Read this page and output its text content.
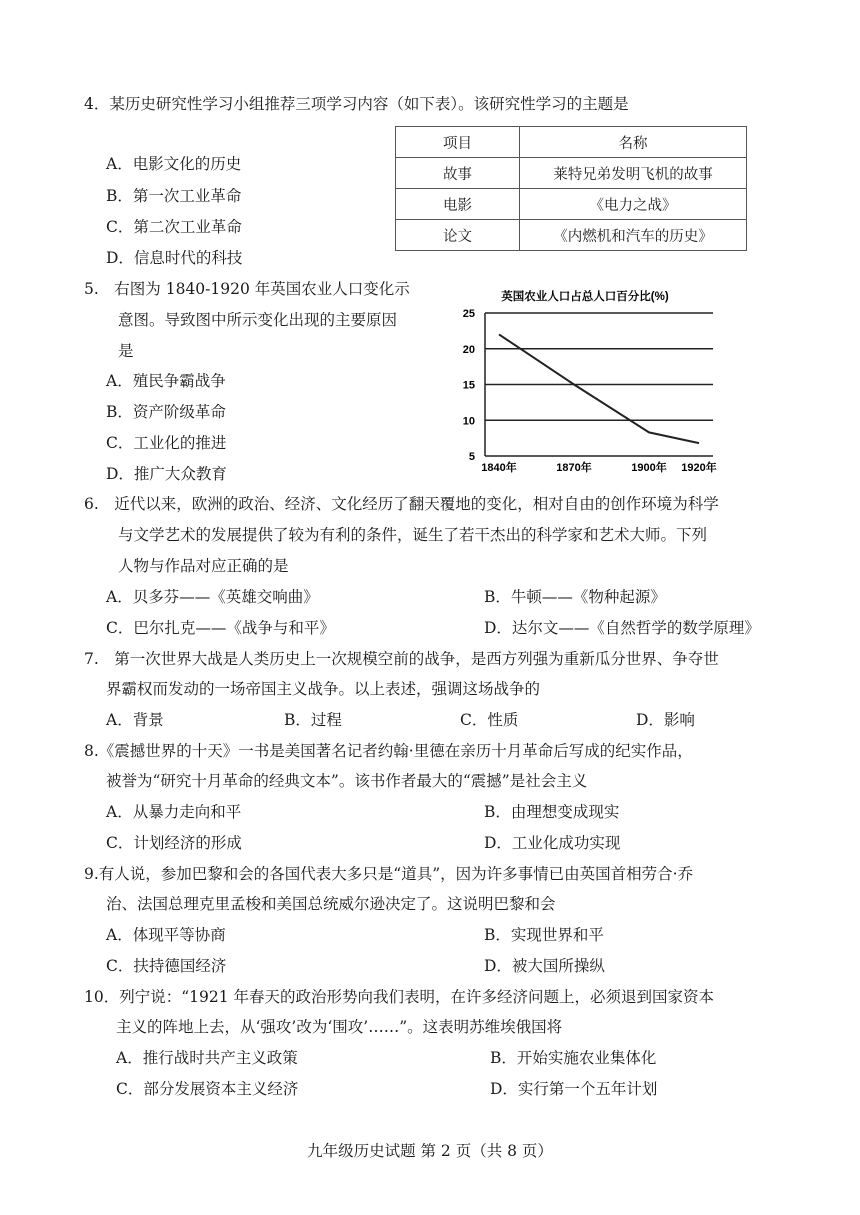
4．某历史研究性学习小组推荐三项学习内容（如下表）。该研究性学习的主题是
A．电影文化的历史
B．第一次工业革命
C．第二次工业革命
D．信息时代的科技
项目	名称
故事	莱特兄弟发明飞机的故事
电影	《电力之战》
论文	《内燃机和汽车的历史》
5.　右图为 1840-1920 年英国农业人口变化示
意图。导致图中所示变化出现的主要原因
是
A．殖民争霸战争
B．资产阶级革命
C．工业化的推进
D．推广大众教育
英国农业人口占总人口百分比(%)
25
20
15
10
5
1840年	1870年	1900年 1920年
6.　近代以来，欧洲的政治、经济、文化经历了翻天覆地的变化，相对自由的创作环境为科学
与文学艺术的发展提供了较为有利的条件，诞生了若干杰出的科学家和艺术大师。下列
人物与作品对应正确的是
A．贝多芬——《英雄交响曲》	B．牛顿——《物种起源》
C．巴尔扎克——《战争与和平》	D．达尔文——《自然哲学的数学原理》
7.　第一次世界大战是人类历史上一次规模空前的战争，是西方列强为重新瓜分世界、争夺世
界霸权而发动的一场帝国主义战争。以上表述，强调这场战争的
A．背景	B．过程	C．性质	D．影响
8.《震撼世界的十天》一书是美国著名记者约翰·里德在亲历十月革命后写成的纪实作品，
被誉为“研究十月革命的经典文本”。该书作者最大的“震撼”是社会主义
A．从暴力走向和平	B．由理想变成现实
C．计划经济的形成	D．工业化成功实现
9.有人说，参加巴黎和会的各国代表大多只是“道具”，因为许多事情已由英国首相劳合·乔
治、法国总理克里孟梭和美国总统威尔逊决定了。这说明巴黎和会
A．体现平等协商	B．实现世界和平
C．扶持德国经济	D．被大国所操纵
10．列宁说：“1921 年春天的政治形势向我们表明，在许多经济问题上，必须退到国家资本
主义的阵地上去，从‘强攻’改为‘围攻’……”。这表明苏维埃俄国将
A．推行战时共产主义政策	B．开始实施农业集体化
C．部分发展资本主义经济	D．实行第一个五年计划
九年级历史试题 第 2 页（共 8 页）
